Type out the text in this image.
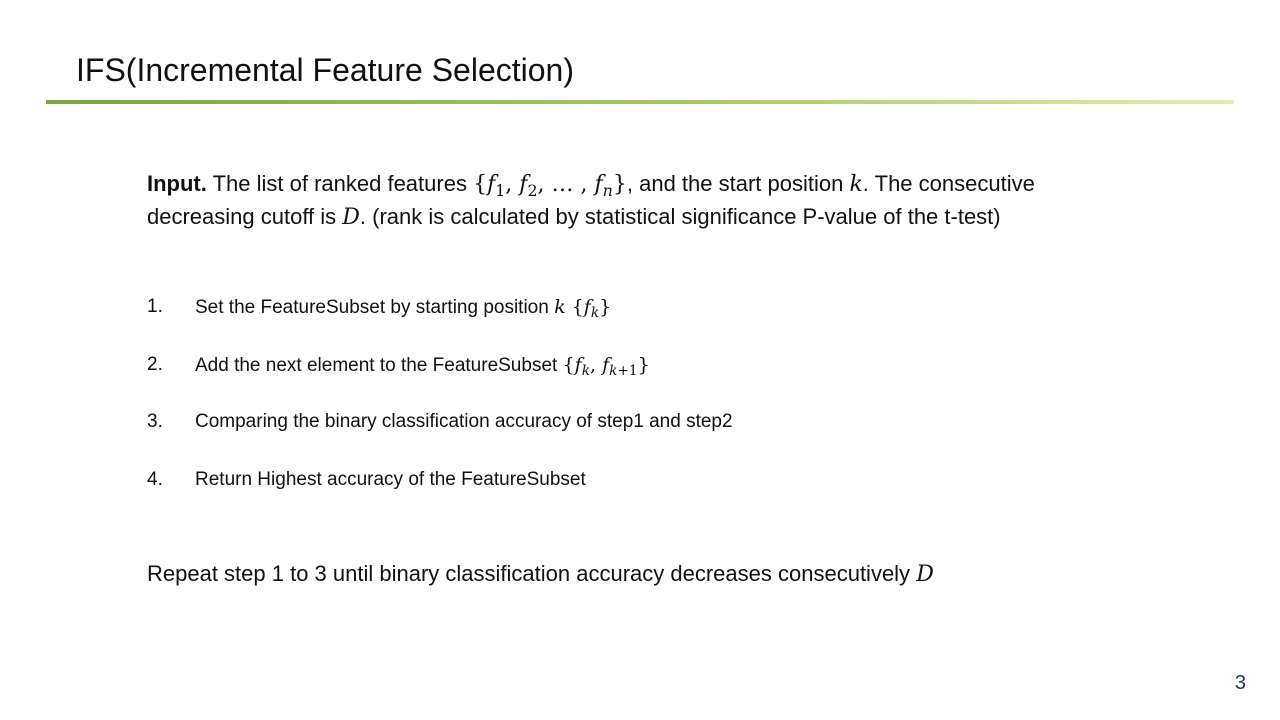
IFS(Incremental Feature Selection)
Input. The list of ranked features {$f_1$, $f_2$, … , $f_n$}, and the start position k. The consecutive decreasing cutoff is D. (rank is calculated by statistical significance P-value of the t-test)
1.	Set the FeatureSubset by starting position k $\{f_k\}$
2.	Add the next element to the FeatureSubset {$f_k$, $f_{k+1}$}
3.	Comparing the binary classification accuracy of step1 and step2
4.	Return Highest accuracy of the FeatureSubset
Repeat step 1 to 3 until binary classification accuracy decreases consecutively D
3
